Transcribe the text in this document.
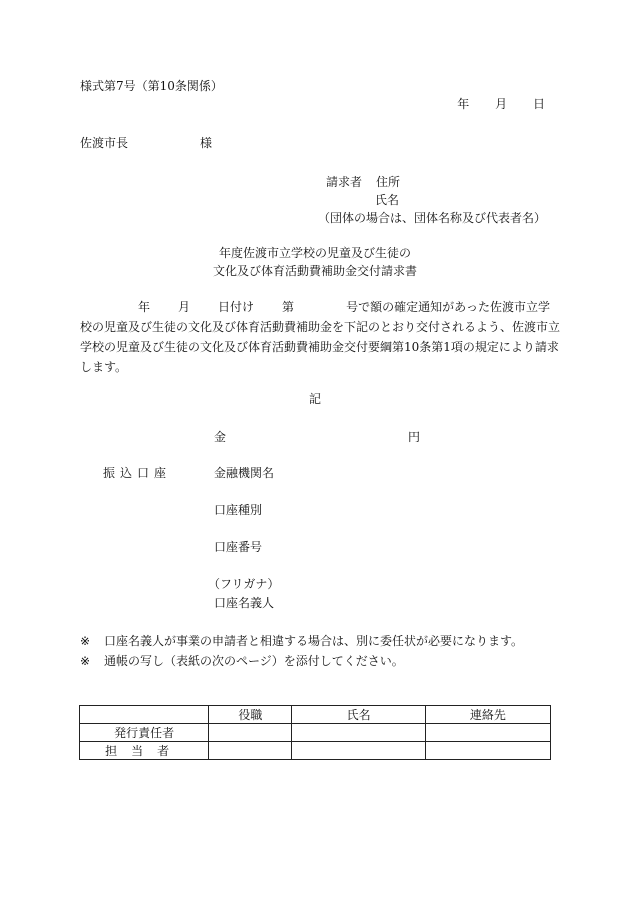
様式第7号（第10条関係）
年 月 日
佐渡市長	様
請求者 住所
氏名
（団体の場合は、団体名称及び代表者名）
年度佐渡市立学校の児童及び生徒の
文化及び体育活動費補助金交付請求書
年 月 日付け 第	号で額の確定通知があった佐渡市立学校の児童及び生徒の文化及び体育活動費補助金を下記のとおり交付されるよう、佐渡市立学校の児童及び生徒の文化及び体育活動費補助金交付要綱第10条第1項の規定により請求します。
記
金	円
振込口座	金融機関名
口座種別
口座番号
（フリガナ）
口座名義人
※ 口座名義人が事業の申請者と相違する場合は、別に委任状が必要になります。
※ 通帳の写し（表紙の次のページ）を添付してください。
	役職	氏名	連絡先
発行責任者			
担当者			
